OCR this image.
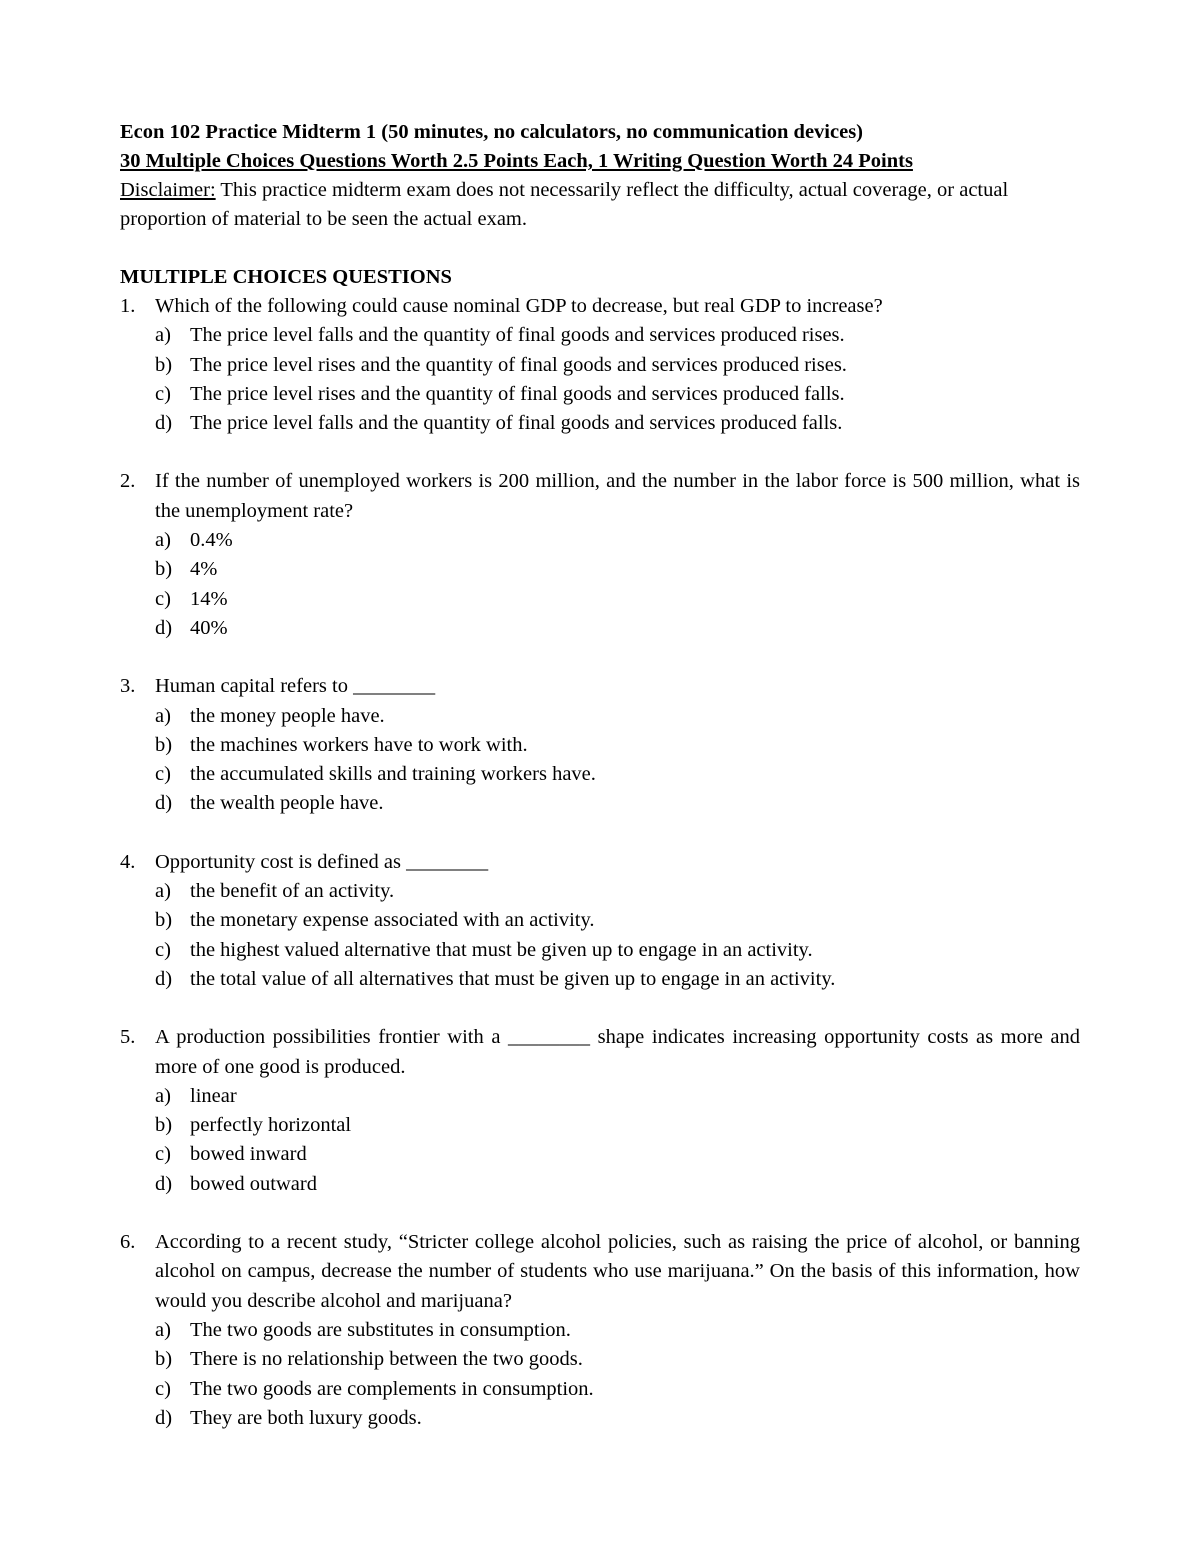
Econ 102 Practice Midterm 1 (50 minutes, no calculators, no communication devices)
30 Multiple Choices Questions Worth 2.5 Points Each, 1 Writing Question Worth 24 Points
Disclaimer: This practice midterm exam does not necessarily reflect the difficulty, actual coverage, or actual proportion of material to be seen the actual exam.
MULTIPLE CHOICES QUESTIONS
1. Which of the following could cause nominal GDP to decrease, but real GDP to increase?
a) The price level falls and the quantity of final goods and services produced rises.
b) The price level rises and the quantity of final goods and services produced rises.
c) The price level rises and the quantity of final goods and services produced falls.
d) The price level falls and the quantity of final goods and services produced falls.
2. If the number of unemployed workers is 200 million, and the number in the labor force is 500 million, what is the unemployment rate?
a) 0.4%
b) 4%
c) 14%
d) 40%
3. Human capital refers to ________
a) the money people have.
b) the machines workers have to work with.
c) the accumulated skills and training workers have.
d) the wealth people have.
4. Opportunity cost is defined as ________
a) the benefit of an activity.
b) the monetary expense associated with an activity.
c) the highest valued alternative that must be given up to engage in an activity.
d) the total value of all alternatives that must be given up to engage in an activity.
5. A production possibilities frontier with a ________ shape indicates increasing opportunity costs as more and more of one good is produced.
a) linear
b) perfectly horizontal
c) bowed inward
d) bowed outward
6. According to a recent study, “Stricter college alcohol policies, such as raising the price of alcohol, or banning alcohol on campus, decrease the number of students who use marijuana.” On the basis of this information, how would you describe alcohol and marijuana?
a) The two goods are substitutes in consumption.
b) There is no relationship between the two goods.
c) The two goods are complements in consumption.
d) They are both luxury goods.
